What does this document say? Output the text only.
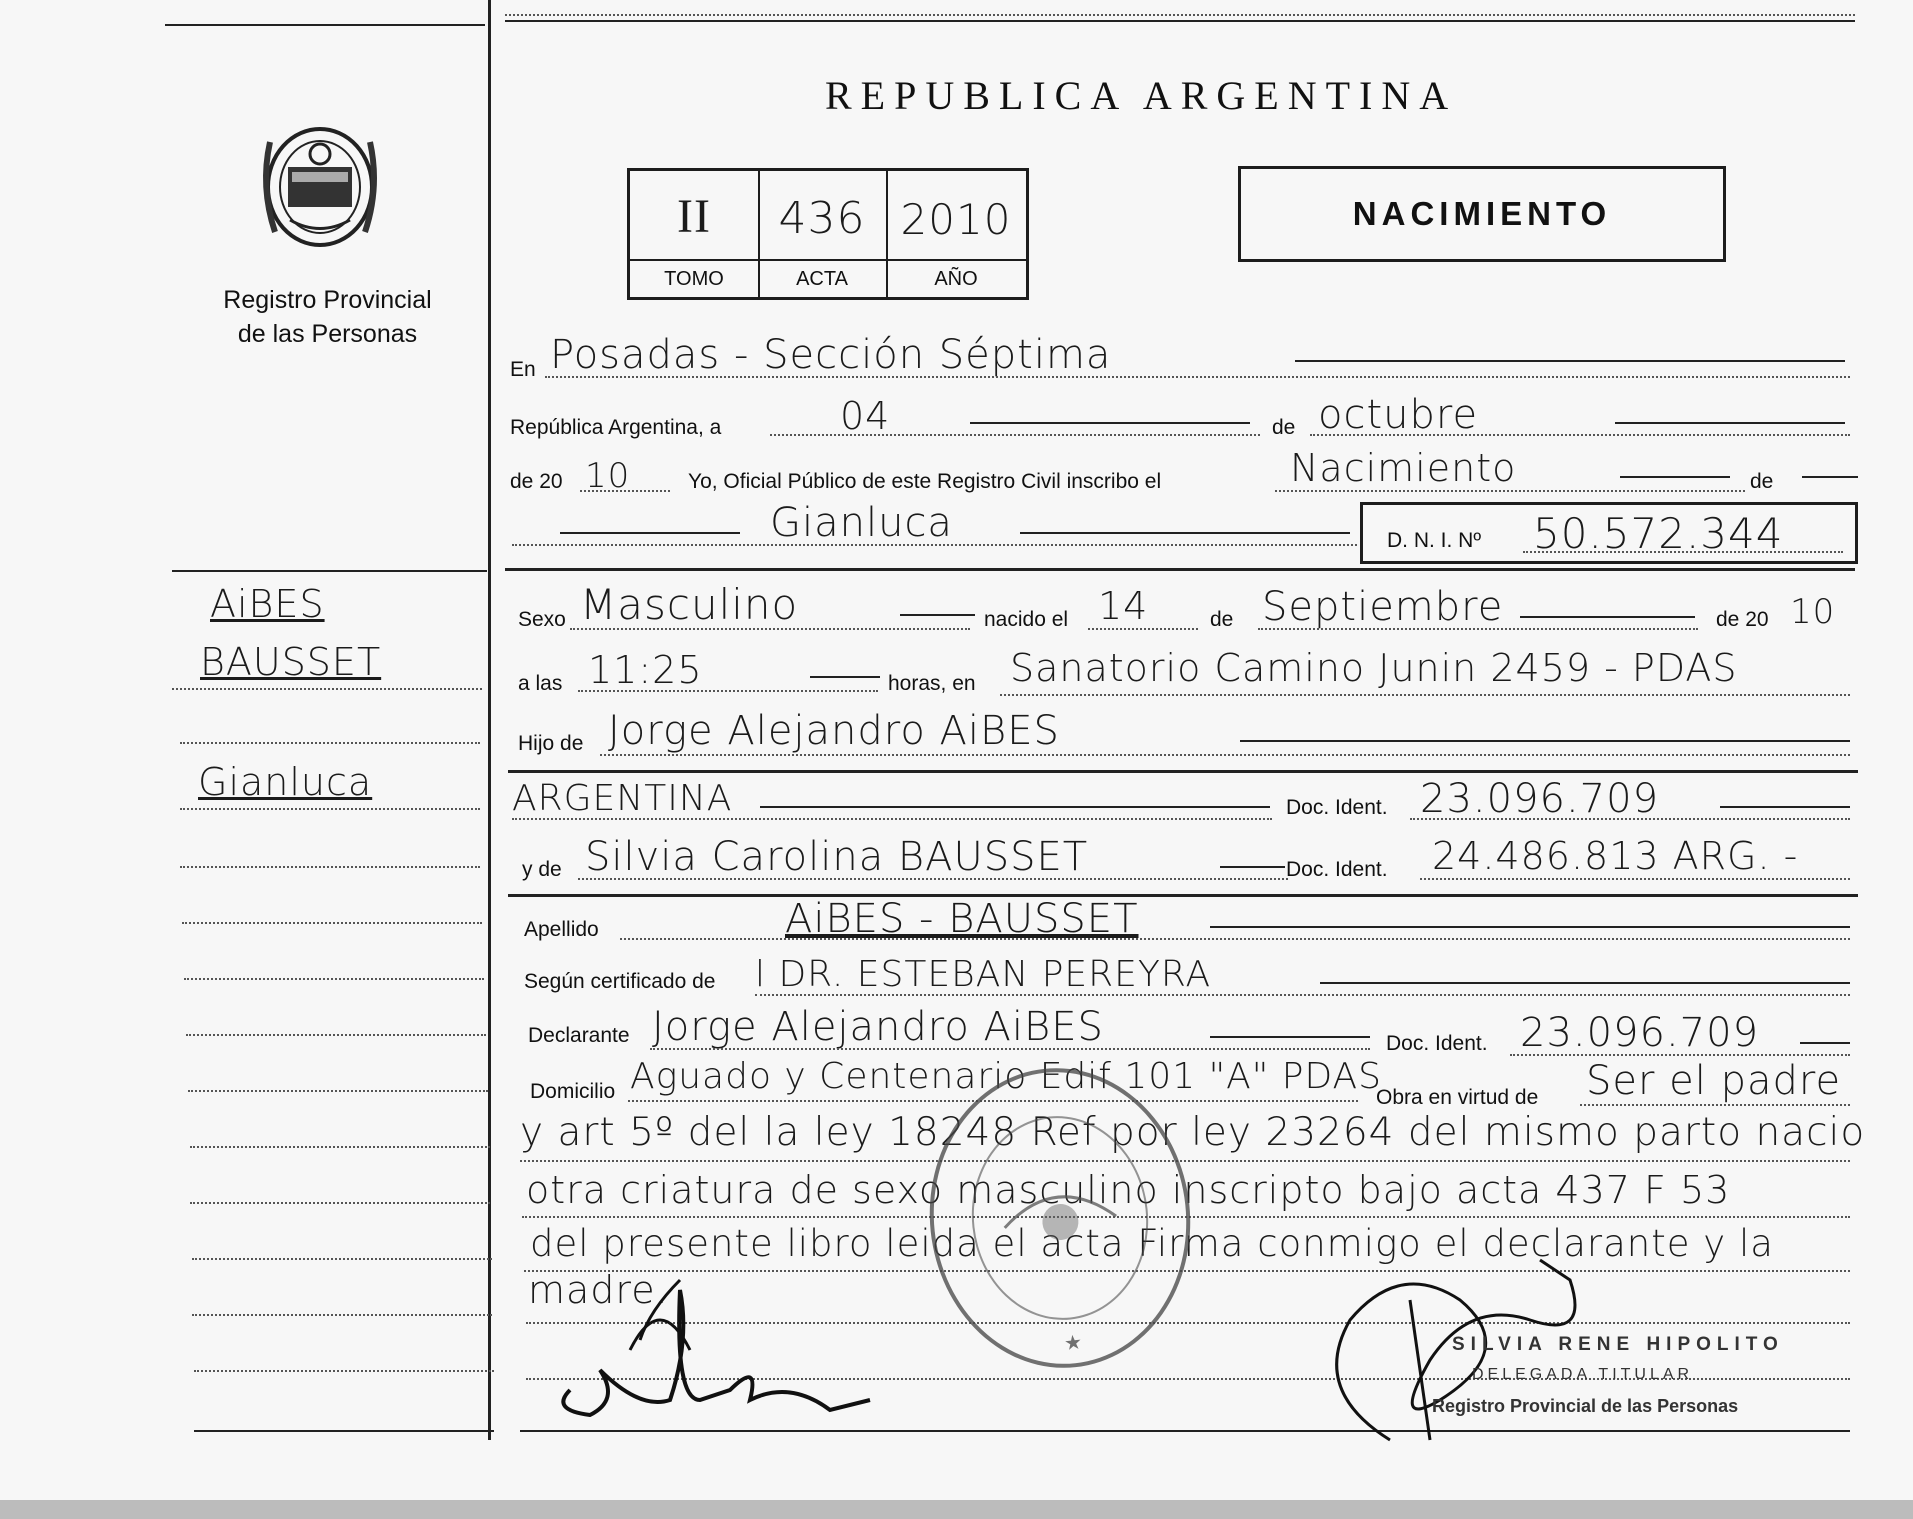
Registro Provincial
de las Personas
REPUBLICA ARGENTINA
II	436 2010
TOMO	ACTA	AÑO
NACIMIENTO
AiBES
BAUSSET
Gianluca
En Posadas - Sección Séptima
República Argentina, a	04	de octubre
de 20 10	Yo, Oficial Público de este Registro Civil inscribo el	Nacimiento	de
Gianluca	D. N. I. Nº 50.572.344
Sexo Masculino	nacido el 14	de Septiembre	de 20 10
a las 11:25	horas, en Sanatorio Camino Junin 2459 - PDAS
Hijo de Jorge Alejandro AiBES
ARGENTINA	Doc. Ident. 23.096.709
y de Silvia Carolina BAUSSET	Doc. Ident. 24.486.813 ARG. -
Apellido	AiBES - BAUSSET
Según certificado de l DR. ESTEBAN PEREYRA
Declarante Jorge Alejandro AiBES	Doc. Ident. 23.096.709
Domicilio Aguado y Centenario Edif 101 "A" PDAS
Obra en virtud de Ser el padre
y art 5º del la ley 18248 Ref por ley 23264 del mismo parto nacio
otra criatura de sexo masculino inscripto bajo acta 437 F 53
del presente libro leida el acta Firma conmigo el declarante y la
madre.
★	SILVIA RENE HIPOLITO
DELEGADA TITULAR
Registro Provincial de las Personas
